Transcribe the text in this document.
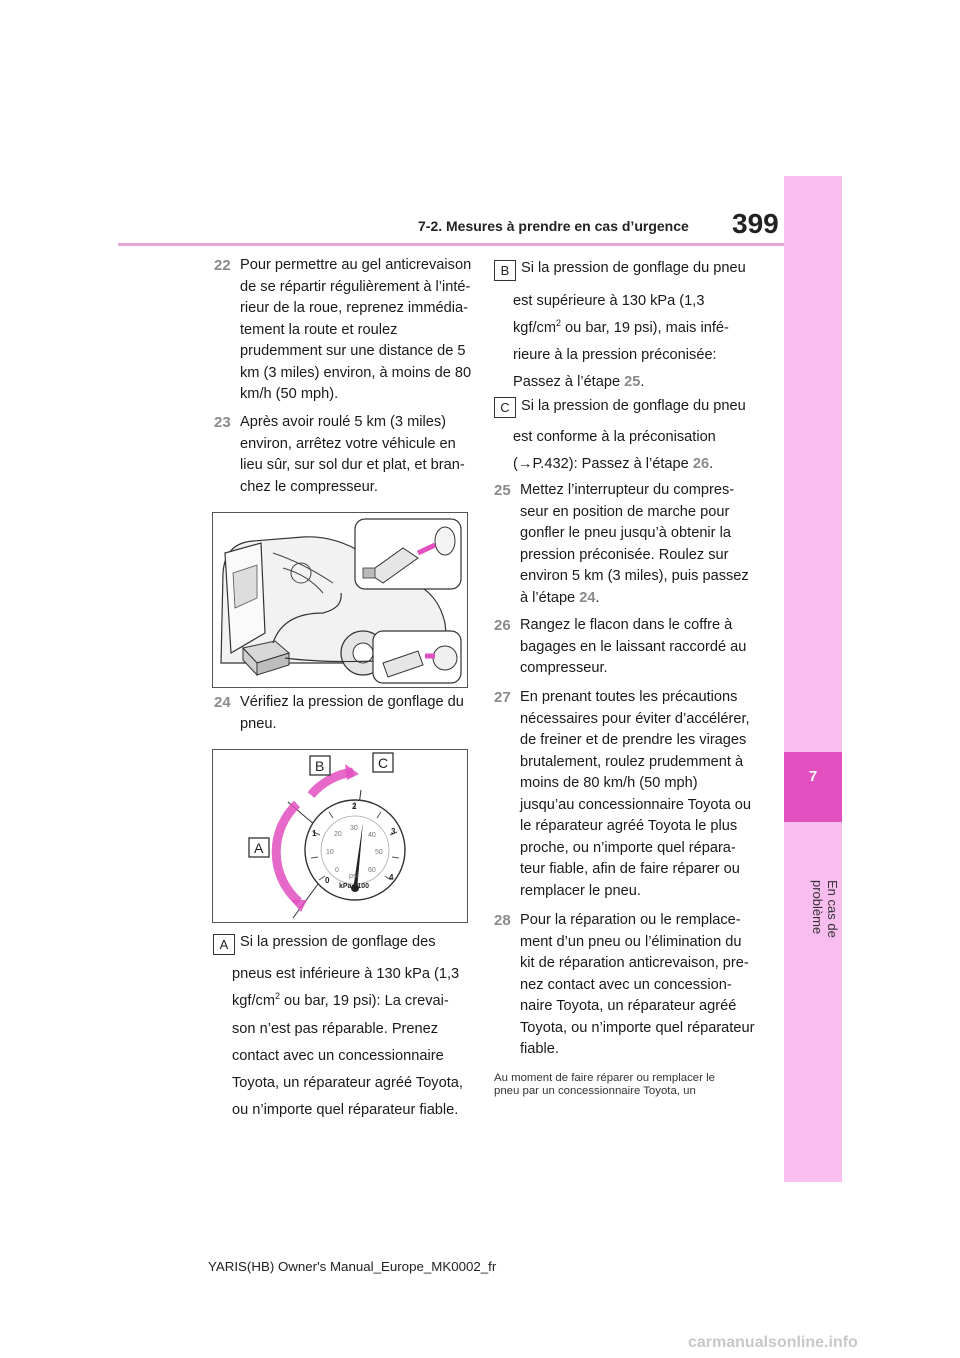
399
7-2. Mesures à prendre en cas d’urgence
7
En cas de problème
22 Pour permettre au gel anticrevaison
de se répartir régulièrement à l’inté-
rieur de la roue, reprenez immédia-
tement la route et roulez
prudemment sur une distance de 5
km (3 miles) environ, à moins de 80
km/h (50 mph).
23 Après avoir roulé 5 km (3 miles)
environ, arrêtez votre véhicule en
lieu sûr, sur sol dur et plat, et bran-
chez le compresseur.
24 Vérifiez la pression de gonflage du
pneu.
0
1
2
3
4
0
10
20
30
40
50
60
psi
kPa x100
B	C
A
A Si la pression de gonflage des
pneus est inférieure à 130 kPa (1,3
kgf/$cm^2$ ou bar, 19 psi): La crevai-
son n’est pas réparable. Prenez
contact avec un concessionnaire
Toyota, un réparateur agréé Toyota,
ou n’importe quel réparateur fiable.
B Si la pression de gonflage du pneu
est supérieure à 130 kPa (1,3
kgf/$cm^2$ ou bar, 19 psi), mais infé-
rieure à la pression préconisée:
Passez à l’étape 25.
C Si la pression de gonflage du pneu
est conforme à la préconisation
(→P.432): Passez à l’étape 26.
25 Mettez l’interrupteur du compres-
seur en position de marche pour
gonfler le pneu jusqu’à obtenir la
pression préconisée. Roulez sur
environ 5 km (3 miles), puis passez
à l’étape 24.
26 Rangez le flacon dans le coffre à
bagages en le laissant raccordé au
compresseur.
27 En prenant toutes les précautions
nécessaires pour éviter d’accélérer,
de freiner et de prendre les virages
brutalement, roulez prudemment à
moins de 80 km/h (50 mph)
jusqu’au concessionnaire Toyota ou
le réparateur agréé Toyota le plus
proche, ou n’importe quel répara-
teur fiable, afin de faire réparer ou
remplacer le pneu.
28 Pour la réparation ou le remplace-
ment d’un pneu ou l’élimination du
kit de réparation anticrevaison, pre-
nez contact avec un concession-
naire Toyota, un réparateur agréé
Toyota, ou n’importe quel réparateur
fiable.
Au moment de faire réparer ou remplacer le
pneu par un concessionnaire Toyota, un
YARIS(HB) Owner's Manual_Europe_MK0002_fr
carmanualsonline.info
